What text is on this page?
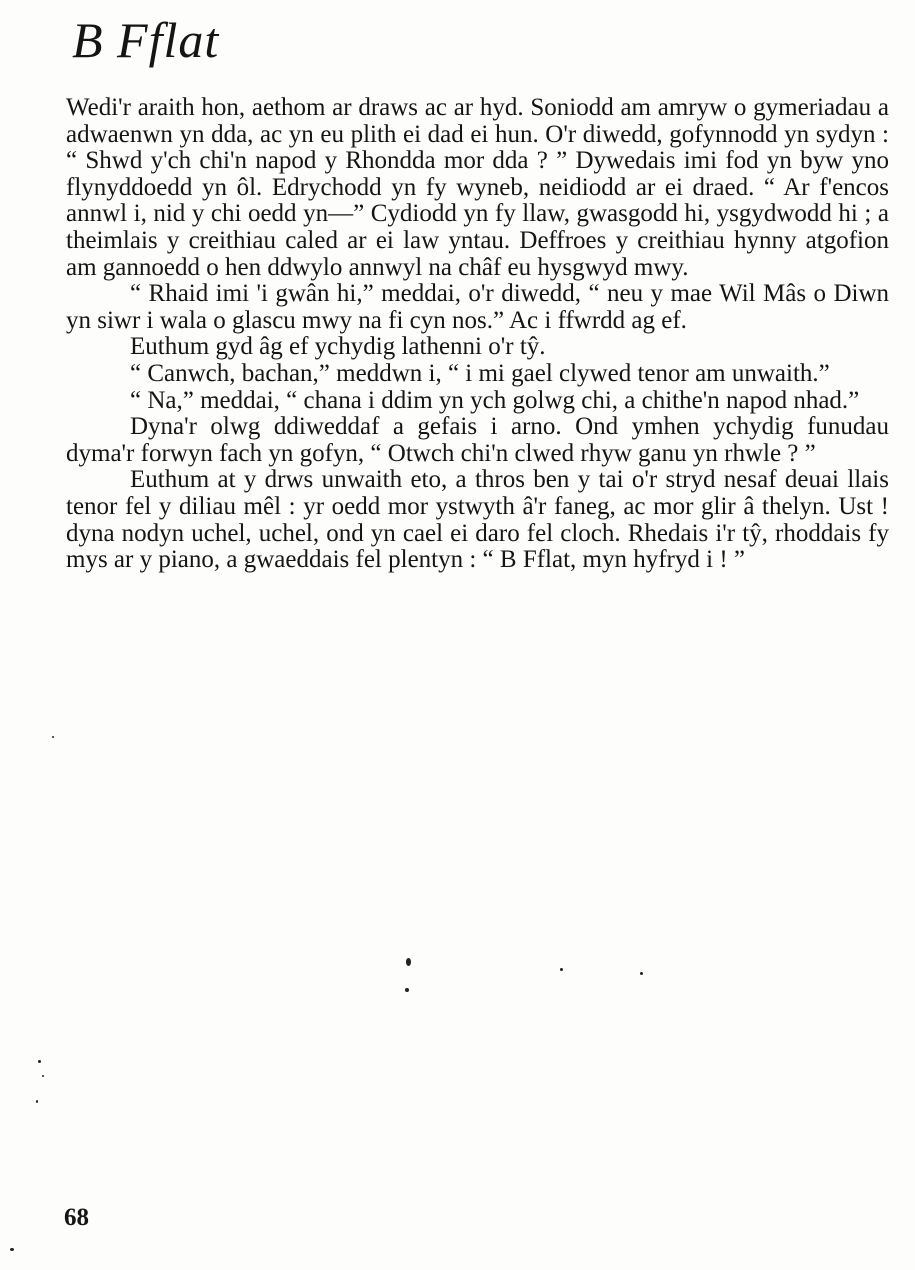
B Fflat

Wedi'r araith hon, aethom ar draws ac ar hyd. Soniodd am amryw o gymeriadau a adwaenwn yn dda, ac yn eu plith ei dad ei hun. O'r diwedd, gofynnodd yn sydyn : “ Shwd y'ch chi'n napod y Rhondda mor dda ? ” Dywedais imi fod yn byw yno flynyddoedd yn ôl. Edrychodd yn fy wyneb, neidiodd ar ei draed. “ Ar f'encos annwl i, nid y chi oedd yn—” Cydiodd yn fy llaw, gwasgodd hi, ysgydwodd hi ; a theimlais y creithiau caled ar ei law yntau. Deffroes y creithiau hynny atgofion am gannoedd o hen ddwylo annwyl na châf eu hysgwyd mwy.

“ Rhaid imi 'i gwân hi,” meddai, o'r diwedd, “ neu y mae Wil Mâs o Diwn yn siwr i wala o glascu mwy na fi cyn nos.” Ac i ffwrdd ag ef.

Euthum gyd âg ef ychydig lathenni o'r tŷ.

“ Canwch, bachan,” meddwn i, “ i mi gael clywed tenor am unwaith.”

“ Na,” meddai, “ chana i ddim yn ych golwg chi, a chithe'n napod nhad.”

Dyna'r olwg ddiweddaf a gefais i arno. Ond ymhen ychydig funudau dyma'r forwyn fach yn gofyn, “ Otwch chi'n clwed rhyw ganu yn rhwle ? ”

Euthum at y drws unwaith eto, a thros ben y tai o'r stryd nesaf deuai llais tenor fel y diliau mêl : yr oedd mor ystwyth â'r faneg, ac mor glir â thelyn. Ust ! dyna nodyn uchel, uchel, ond yn cael ei daro fel cloch. Rhedais i'r tŷ, rhoddais fy mys ar y piano, a gwaeddais fel plentyn : “ B Fflat, myn hyfryd i ! ”

68
